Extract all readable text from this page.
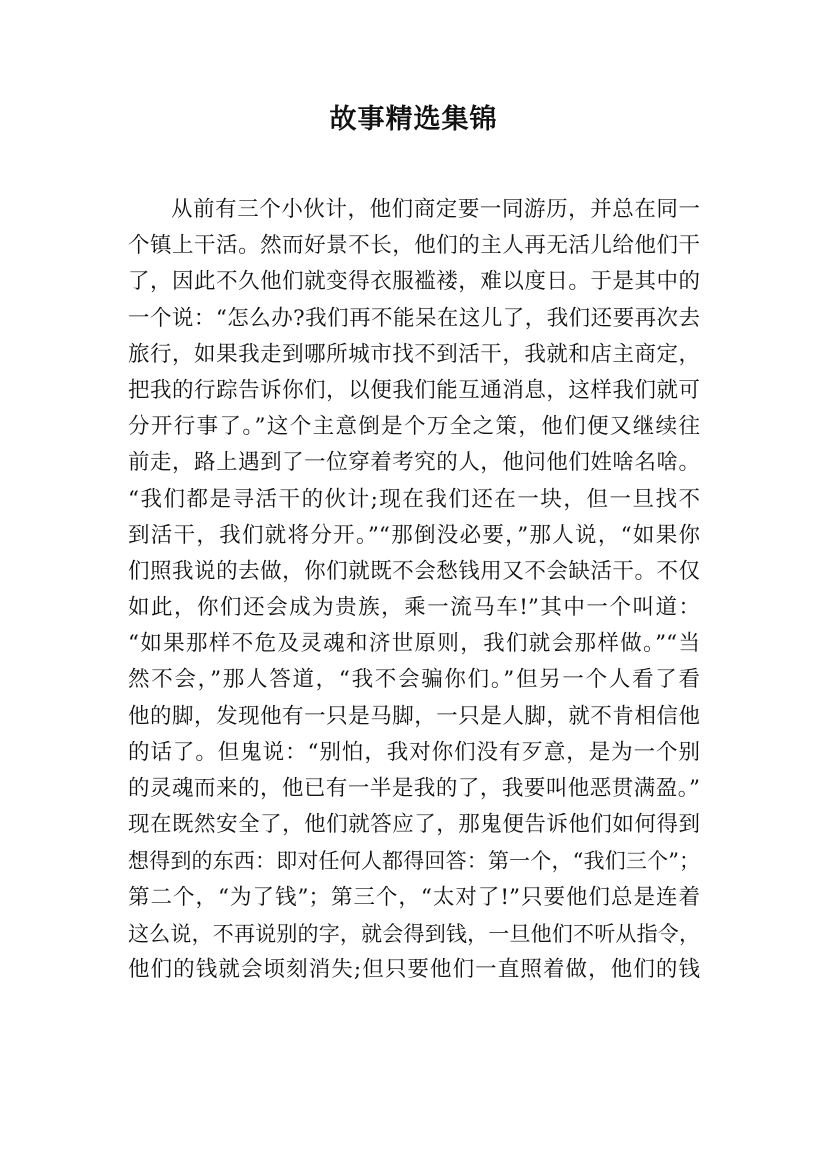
故事精选集锦
从前有三个小伙计，他们商定要一同游历，并总在同一
个镇上干活。然而好景不长，他们的主人再无活儿给他们干
了，因此不久他们就变得衣服褴褛，难以度日。于是其中的
一个说：“怎么办?我们再不能呆在这儿了，我们还要再次去
旅行，如果我走到哪所城市找不到活干，我就和店主商定，
把我的行踪告诉你们，以便我们能互通消息，这样我们就可
分开行事了。”这个主意倒是个万全之策，他们便又继续往
前走，路上遇到了一位穿着考究的人，他问他们姓啥名啥。
“我们都是寻活干的伙计;现在我们还在一块，但一旦找不
到活干，我们就将分开。”“那倒没必要，”那人说，“如果你
们照我说的去做，你们就既不会愁钱用又不会缺活干。不仅
如此，你们还会成为贵族，乘一流马车!”其中一个叫道：
“如果那样不危及灵魂和济世原则，我们就会那样做。”“当
然不会，”那人答道，“我不会骗你们。”但另一个人看了看
他的脚，发现他有一只是马脚，一只是人脚，就不肯相信他
的话了。但鬼说：“别怕，我对你们没有歹意，是为一个别
的灵魂而来的，他已有一半是我的了，我要叫他恶贯满盈。”
现在既然安全了，他们就答应了，那鬼便告诉他们如何得到
想得到的东西：即对任何人都得回答：第一个，“我们三个”；
第二个，“为了钱”；第三个，“太对了!”只要他们总是连着
这么说，不再说别的字，就会得到钱，一旦他们不听从指令，
他们的钱就会顷刻消失;但只要他们一直照着做，他们的钱
